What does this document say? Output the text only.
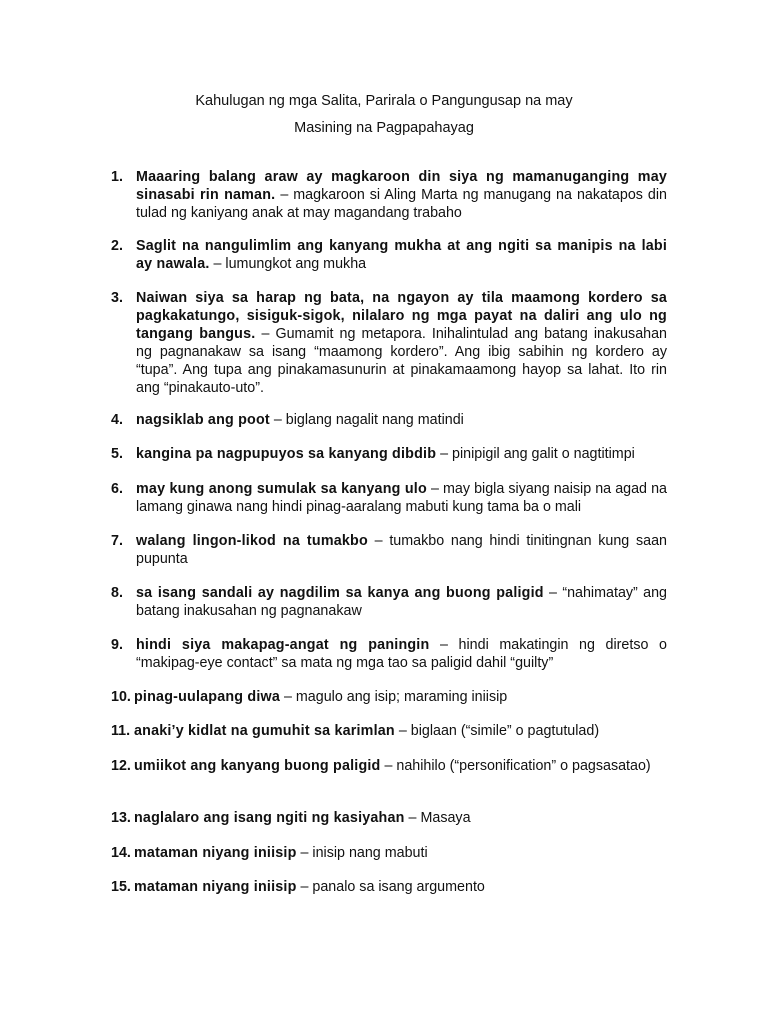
Kahulugan ng mga Salita, Parirala o Pangungusap na may
Masining na Pagpapahayag
1. Maaaring balang araw ay magkaroon din siya ng mamanuganging may sinasabi rin naman. – magkaroon si Aling Marta ng manugang na nakatapos din tulad ng kaniyang anak at may magandang trabaho
2. Saglit na nangulimlim ang kanyang mukha at ang ngiti sa manipis na labi ay nawala. – lumungkot ang mukha
3. Naiwan siya sa harap ng bata, na ngayon ay tila maamong kordero sa pagkakatungo, sisiguk-sigok, nilalaro ng mga payat na daliri ang ulo ng tangang bangus. – Gumamit ng metapora. Inihalintulad ang batang inakusahan ng pagnanakaw sa isang “maamong kordero”. Ang ibig sabihin ng kordero ay “tupa”. Ang tupa ang pinakamasunurin at pinakamaamong hayop sa lahat. Ito rin ang “pinakauto-uto”.
4. nagsiklab ang poot – biglang nagalit nang matindi
5. kangina pa nagpupuyos sa kanyang dibdib – pinipigil ang galit o nagtitimpi
6. may kung anong sumulak sa kanyang ulo – may bigla siyang naisip na agad na lamang ginawa nang hindi pinag-aaralang mabuti kung tama ba o mali
7. walang lingon-likod na tumakbo – tumakbo nang hindi tinitingnan kung saan pupunta
8. sa isang sandali ay nagdilim sa kanya ang buong paligid – “nahimatay” ang batang inakusahan ng pagnanakaw
9. hindi siya makapag-angat ng paningin – hindi makatingin ng diretso o “makipag-eye contact” sa mata ng mga tao sa paligid dahil “guilty”
10. pinag-uulapang diwa – magulo ang isip; maraming iniisip
11. anaki’y kidlat na gumuhit sa karimlan – biglaan (“simile” o pagtutulad)
12. umiikot ang kanyang buong paligid – nahihilo (“personification” o pagsasatao)
13. naglalaro ang isang ngiti ng kasiyahan – Masaya
14. mataman niyang iniisip – inisip nang mabuti
15. mataman niyang iniisip – panalo sa isang argumento
